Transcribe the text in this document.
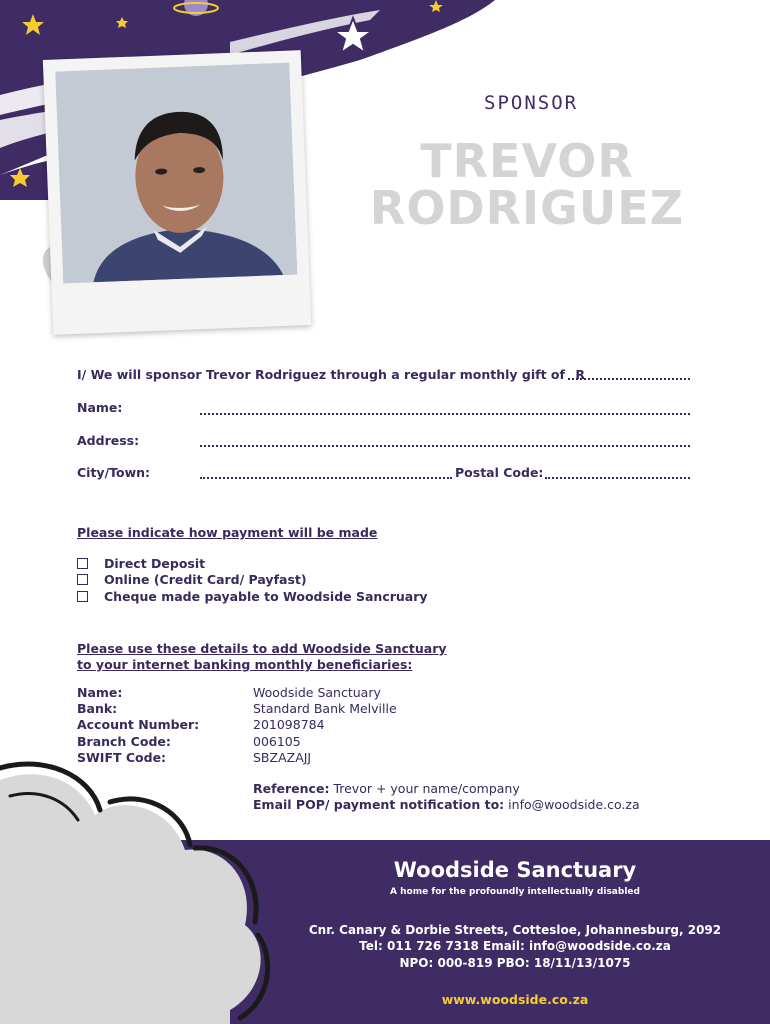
SPONSOR
TREVOR
RODRIGUEZ
I/ We will sponsor Trevor Rodriguez through a regular monthly gift of R
Name:
Address:
City/Town:	Postal Code:
Please indicate how payment will be made
Direct Deposit
Online (Credit Card/ Payfast)
Cheque made payable to Woodside Sancruary
Please use these details to add Woodside Sanctuary
to your internet banking monthly beneficiaries:
Name:	Woodside Sanctuary
Bank:	Standard Bank Melville
Account Number:	201098784
Branch Code:	006105
SWIFT Code:	SBZAZAJJ
Reference: Trevor + your name/company
Email POP/ payment notification to: info@woodside.co.za
Woodside Sanctuary
A home for the profoundly intellectually disabled
Cnr. Canary & Dorbie Streets, Cottesloe, Johannesburg, 2092
Tel: 011 726 7318 Email: info@woodside.co.za
NPO: 000-819 PBO: 18/11/13/1075
www.woodside.co.za
